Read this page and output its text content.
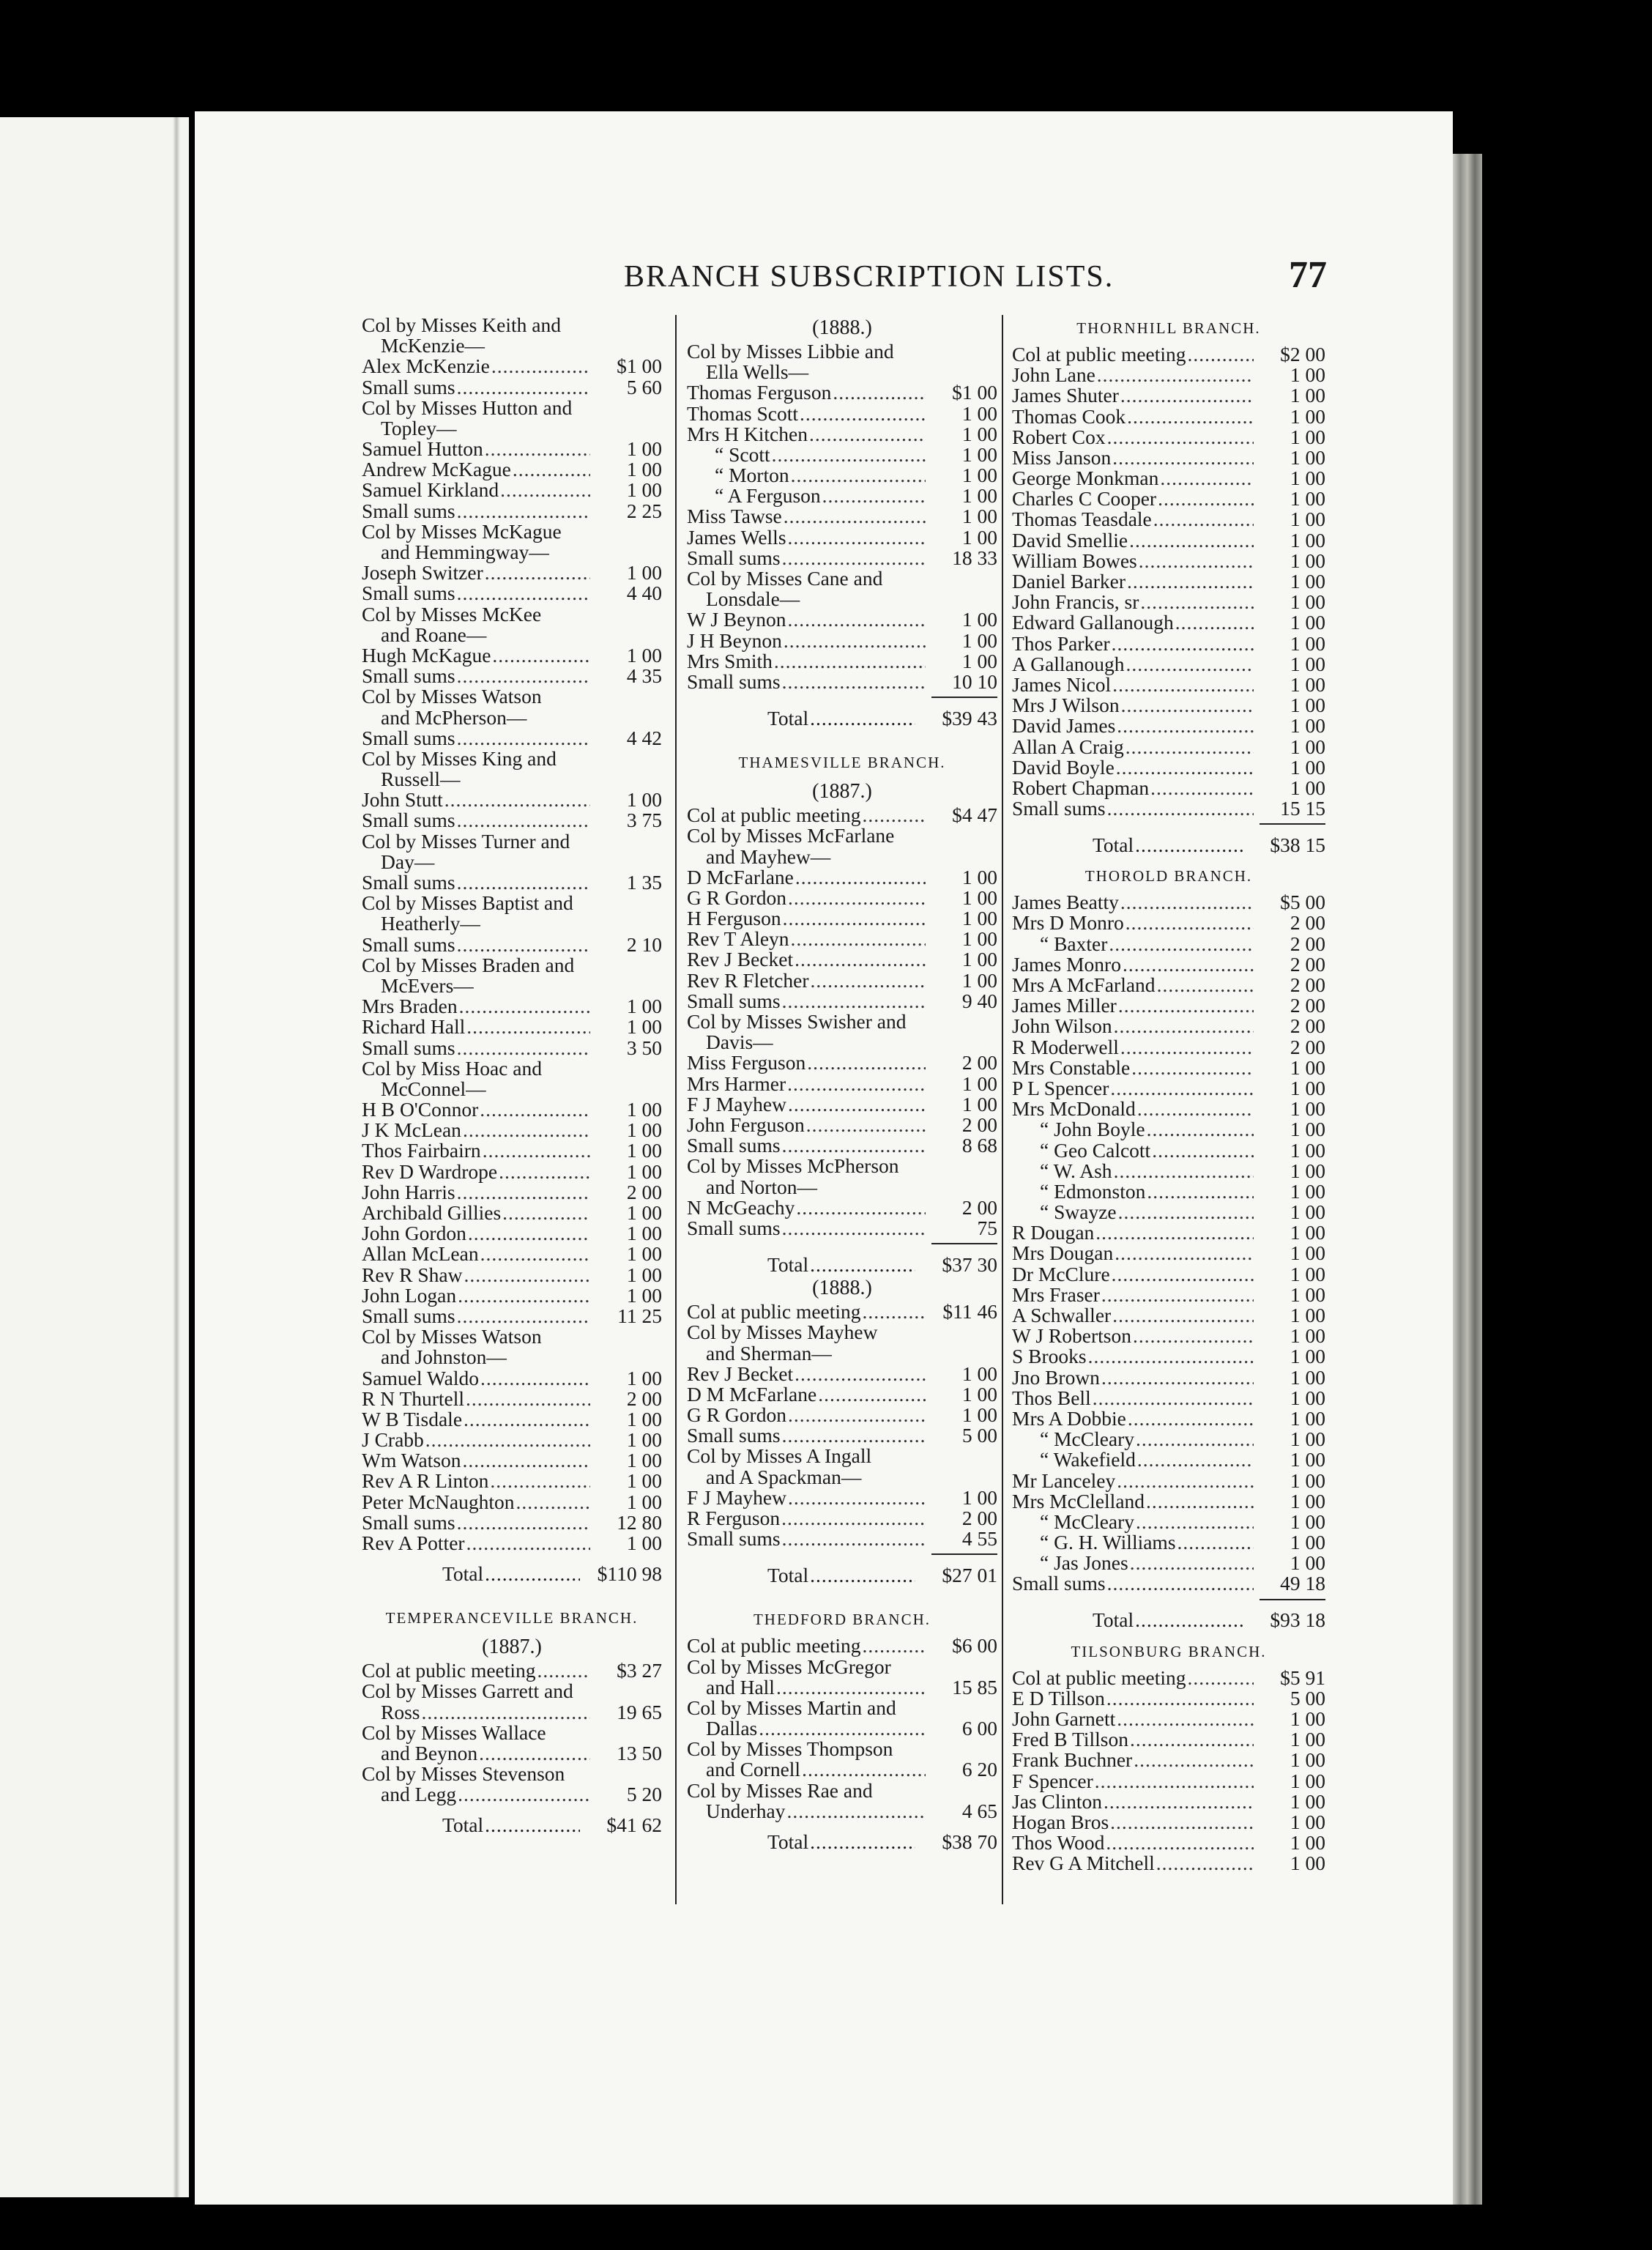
BRANCH SUBSCRIPTION LISTS.	77
Col by Misses Keith and
McKenzie—
Alex McKenzie .....	$1 00
Small sums .....	5 60
Col by Misses Hutton and
Topley—
Samuel Hutton .....	1 00
Andrew McKague .....	1 00
Samuel Kirkland .....	1 00
Small sums .....	2 25
Col by Misses McKague
and Hemmingway—
Joseph Switzer .....	1 00
Small sums .....	4 40
Col by Misses McKee
and Roane—
Hugh McKague .....	1 00
Small sums .....	4 35
Col by Misses Watson
and McPherson—
Small sums .....	4 42
Col by Misses King and
Russell—
John Stutt .....	1 00
Small sums .....	3 75
Col by Misses Turner and
Day—
Small sums .....	1 35
Col by Misses Baptist and
Heatherly—
Small sums .....	2 10
Col by Misses Braden and
McEvers—
Mrs Braden .....	1 00
Richard Hall .....	1 00
Small sums .....	3 50
Col by Miss Hoac and
McConnel—
H B O'Connor .....	1 00
J K McLean .....	1 00
Thos Fairbairn .....	1 00
Rev D Wardrope .....	1 00
John Harris .....	2 00
Archibald Gillies .....	1 00
John Gordon .....	1 00
Allan McLean .....	1 00
Rev R Shaw .....	1 00
John Logan .....	1 00
Small sums .....	11 25
Col by Misses Watson
and Johnston—
Samuel Waldo .....	1 00
R N Thurtell .....	2 00
W B Tisdale .....	1 00
J Crabb .....	1 00
Wm Watson .....	1 00
Rev A R Linton .....	1 00
Peter McNaughton .....	1 00
Small sums .....	12 80
Rev A Potter .....	1 00
Total .....	$110 98
TEMPERANCEVILLE BRANCH.
(1887.)
Col at public meeting .....	$3 27
Col by Misses Garrett and
Ross .....	19 65
Col by Misses Wallace
and Beynon .....	13 50
Col by Misses Stevenson
and Legg .....	5 20
Total .....	$41 62
(1888.)
Col by Misses Libbie and
Ella Wells—
Thomas Ferguson .....	$1 00
Thomas Scott .....	1 00
Mrs H Kitchen .....	1 00
“ Scott .....	1 00
“ Morton .....	1 00
“ A Ferguson .....	1 00
Miss Tawse .....	1 00
James Wells .....	1 00
Small sums .....	18 33
Col by Misses Cane and
Lonsdale—
W J Beynon .....	1 00
J H Beynon .....	1 00
Mrs Smith .....	1 00
Small sums .....	10 10
Total .....	$39 43
THAMESVILLE BRANCH.
(1887.)
Col at public meeting .....	$4 47
Col by Misses McFarlane
and Mayhew—
D McFarlane .....	1 00
G R Gordon .....	1 00
H Ferguson .....	1 00
Rev T Aleyn .....	1 00
Rev J Becket .....	1 00
Rev R Fletcher .....	1 00
Small sums .....	9 40
Col by Misses Swisher and
Davis—
Miss Ferguson .....	2 00
Mrs Harmer .....	1 00
F J Mayhew .....	1 00
John Ferguson .....	2 00
Small sums .....	8 68
Col by Misses McPherson
and Norton—
N McGeachy .....	2 00
Small sums .....	75
Total .....	$37 30
(1888.)
Col at public meeting .....	$11 46
Col by Misses Mayhew
and Sherman—
Rev J Becket .....	1 00
D M McFarlane .....	1 00
G R Gordon .....	1 00
Small sums .....	5 00
Col by Misses A Ingall
and A Spackman—
F J Mayhew .....	1 00
R Ferguson .....	2 00
Small sums .....	4 55
Total .....	$27 01
THEDFORD BRANCH.
Col at public meeting .....	$6 00
Col by Misses McGregor
and Hall .....	15 85
Col by Misses Martin and
Dallas .....	6 00
Col by Misses Thompson
and Cornell .....	6 20
Col by Misses Rae and
Underhay .....	4 65
Total .....	$38 70
THORNHILL BRANCH.
Col at public meeting .....	$2 00
John Lane .....	1 00
James Shuter .....	1 00
Thomas Cook .....	1 00
Robert Cox .....	1 00
Miss Janson .....	1 00
George Monkman .....	1 00
Charles C Cooper .....	1 00
Thomas Teasdale .....	1 00
David Smellie .....	1 00
William Bowes .....	1 00
Daniel Barker .....	1 00
John Francis, sr .....	1 00
Edward Gallanough .....	1 00
Thos Parker .....	1 00
A Gallanough .....	1 00
James Nicol .....	1 00
Mrs J Wilson .....	1 00
David James .....	1 00
Allan A Craig .....	1 00
David Boyle .....	1 00
Robert Chapman .....	1 00
Small sums .....	15 15
Total .....	$38 15
THOROLD BRANCH.
James Beatty .....	$5 00
Mrs D Monro .....	2 00
“ Baxter .....	2 00
James Monro .....	2 00
Mrs A McFarland .....	2 00
James Miller .....	2 00
John Wilson .....	2 00
R Moderwell .....	2 00
Mrs Constable .....	1 00
P L Spencer .....	1 00
Mrs McDonald .....	1 00
“ John Boyle .....	1 00
“ Geo Calcott .....	1 00
“ W. Ash .....	1 00
“ Edmonston .....	1 00
“ Swayze .....	1 00
R Dougan .....	1 00
Mrs Dougan .....	1 00
Dr McClure .....	1 00
Mrs Fraser .....	1 00
A Schwaller .....	1 00
W J Robertson .....	1 00
S Brooks .....	1 00
Jno Brown .....	1 00
Thos Bell .....	1 00
Mrs A Dobbie .....	1 00
“ McCleary .....	1 00
“ Wakefield .....	1 00
Mr Lanceley .....	1 00
Mrs McClelland .....	1 00
“ McCleary .....	1 00
“ G. H. Williams .....	1 00
“ Jas Jones .....	1 00
Small sums .....	49 18
Total .....	$93 18
TILSONBURG BRANCH.
Col at public meeting .....	$5 91
E D Tillson .....	5 00
John Garnett .....	1 00
Fred B Tillson .....	1 00
Frank Buchner .....	1 00
F Spencer .....	1 00
Jas Clinton .....	1 00
Hogan Bros .....	1 00
Thos Wood .....	1 00
Rev G A Mitchell .....	1 00
